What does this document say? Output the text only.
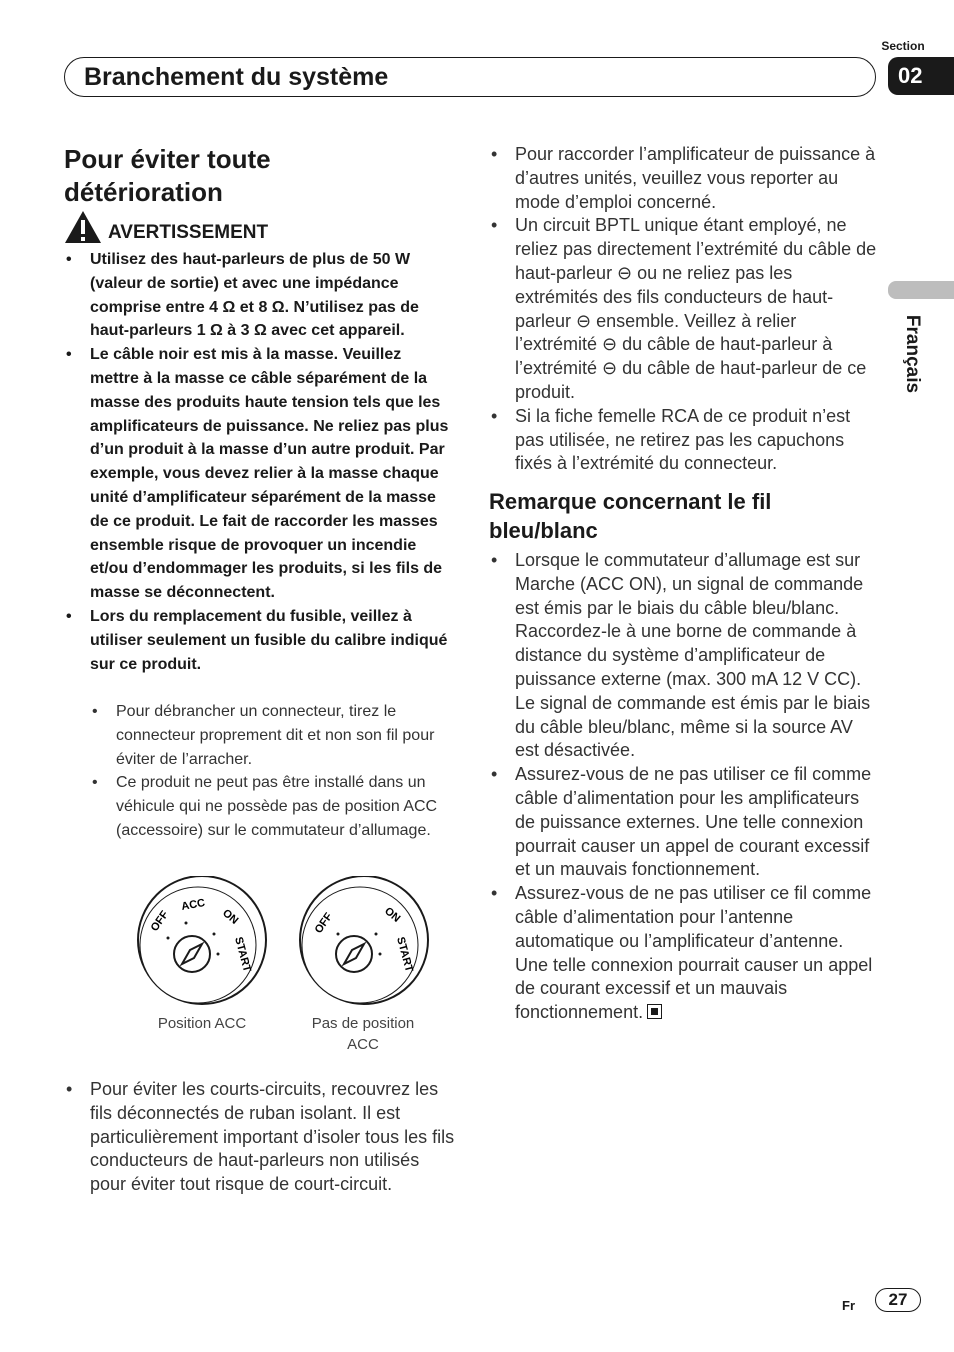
Section
Branchement du système	02
Français
Pour éviter toute
détérioration
AVERTISSEMENT
• Utilisez des haut-parleurs de plus de 50 W (valeur de sortie) et avec une impédance comprise entre 4 Ω et 8 Ω. N’utilisez pas de haut-parleurs 1 Ω à 3 Ω avec cet appareil.
• Le câble noir est mis à la masse. Veuillez mettre à la masse ce câble séparément de la masse des produits haute tension tels que les amplificateurs de puissance. Ne reliez pas plus d’un produit à la masse d’un autre produit. Par exemple, vous devez relier à la masse chaque unité d’amplificateur séparément de la masse de ce produit. Le fait de raccorder les masses ensemble risque de provoquer un incendie et/ou d’endommager les produits, si les fils de masse se déconnectent.
• Lors du remplacement du fusible, veillez à utiliser seulement un fusible du calibre indiqué sur ce produit.
• Pour débrancher un connecteur, tirez le connecteur proprement dit et non son fil pour éviter de l’arracher.
• Ce produit ne peut pas être installé dans un véhicule qui ne possède pas de position ACC (accessoire) sur le commutateur d’allumage.
OFF
ACC
ON
START
OFF	ON
START
Position ACC	Pas de position
ACC
• Pour éviter les courts-circuits, recouvrez les fils déconnectés de ruban isolant. Il est particulièrement important d’isoler tous les fils conducteurs de haut-parleurs non utilisés pour éviter tout risque de court-circuit.
• Pour raccorder l’amplificateur de puissance à d’autres unités, veuillez vous reporter au mode d’emploi concerné.
• Un circuit BPTL unique étant employé, ne reliez pas directement l’extrémité du câble de haut-parleur ⊖ ou ne reliez pas les extrémités des fils conducteurs de haut-parleur ⊖ ensemble. Veillez à relier l’extrémité ⊖ du câble de haut-parleur à l’extrémité ⊖ du câble de haut-parleur de ce produit.
• Si la fiche femelle RCA de ce produit n’est pas utilisée, ne retirez pas les capuchons fixés à l’extrémité du connecteur.
Remarque concernant le fil
bleu/blanc
• Lorsque le commutateur d’allumage est sur Marche (ACC ON), un signal de commande est émis par le biais du câble bleu/blanc. Raccordez-le à une borne de commande à distance du système d’amplificateur de puissance externe (max. 300 mA 12 V CC). Le signal de commande est émis par le biais du câble bleu/blanc, même si la source AV est désactivée.
• Assurez-vous de ne pas utiliser ce fil comme câble d’alimentation pour les amplificateurs de puissance externes. Une telle connexion pourrait causer un appel de courant excessif et un mauvais fonctionnement.
• Assurez-vous de ne pas utiliser ce fil comme câble d’alimentation pour l’antenne automatique ou l’amplificateur d’antenne. Une telle connexion pourrait causer un appel de courant excessif et un mauvais fonctionnement.
Fr	27
